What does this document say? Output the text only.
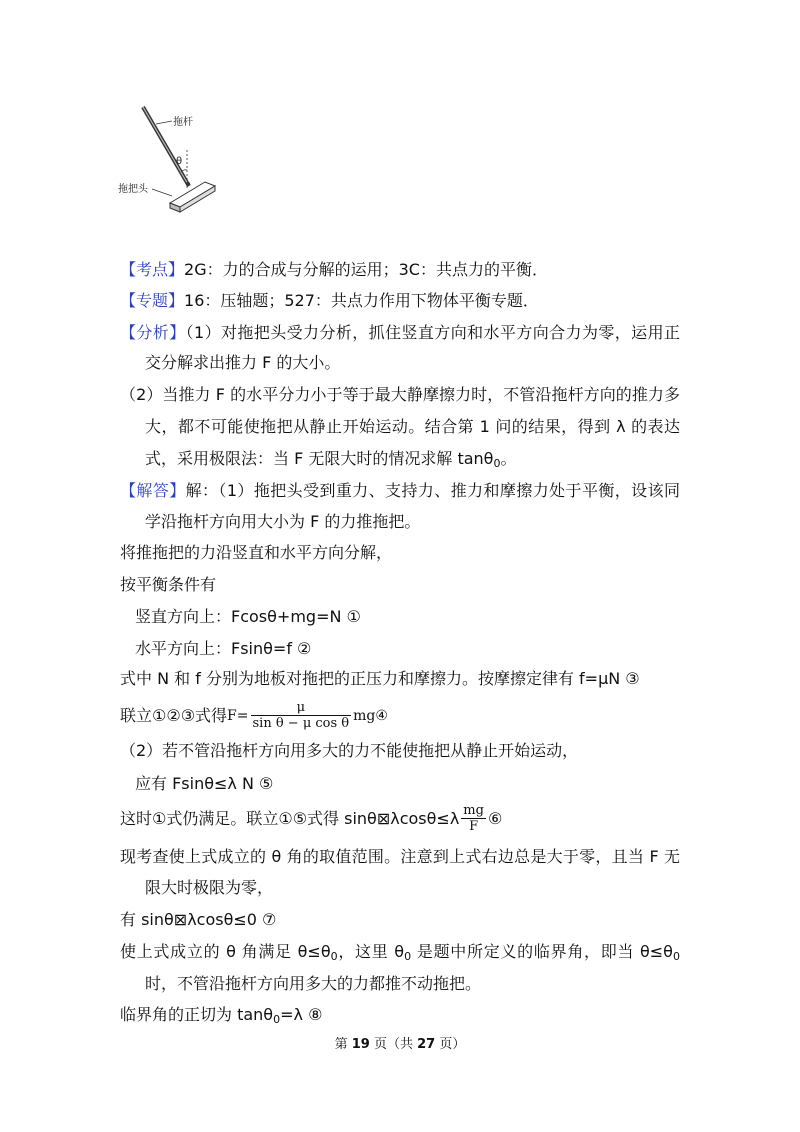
拖杆
θ
拖把头
【考点】2G：力的合成与分解的运用；3C：共点力的平衡．
【专题】16：压轴题；527：共点力作用下物体平衡专题．
【分析】（1）对拖把头受力分析，抓住竖直方向和水平方向合力为零，运用正
交分解求出推力 F 的大小。
（2）当推力 F 的水平分力小于等于最大静摩擦力时，不管沿拖杆方向的推力多
大，都不可能使拖把从静止开始运动。结合第 1 问的结果，得到 λ 的表达
式，采用极限法：当 F 无限大时的情况求解 tanθ$_0$。
【解答】解：（1）拖把头受到重力、支持力、推力和摩擦力处于平衡，设该同
学沿拖杆方向用大小为 F 的力推拖把。
将推拖把的力沿竖直和水平方向分解，
按平衡条件有
竖直方向上：Fcosθ+mg=N ①
水平方向上：Fsinθ=f ②
式中 N 和 f 分别为地板对拖把的正压力和摩擦力。按摩擦定律有 f=μN ③
联立①②③式得 $F= \frac{\mu}{\text{sin θ − μ cos θ}}$ mg④
（2）若不管沿拖杆方向用多大的力不能使拖把从静止开始运动，
应有 Fsinθ≤λ N ⑤
这时①式仍满足。联立①⑤式得 sinθ⊠λcosθ≤λ $\frac{mg}{F}$ ⑥
现考查使上式成立的 θ 角的取值范围。注意到上式右边总是大于零，且当 F 无
限大时极限为零，
有 sinθ⊠λcosθ≤0 ⑦
使上式成立的 θ 角满足 $\theta\le\theta_0$，这里 $\theta_0$ 是题中所定义的临界角，即当 $\theta\le\theta_0$
时，不管沿拖杆方向用多大的力都推不动拖把。
临界角的正切为 tanθ$_0$=λ ⑧
第 19 页（共 27 页）
